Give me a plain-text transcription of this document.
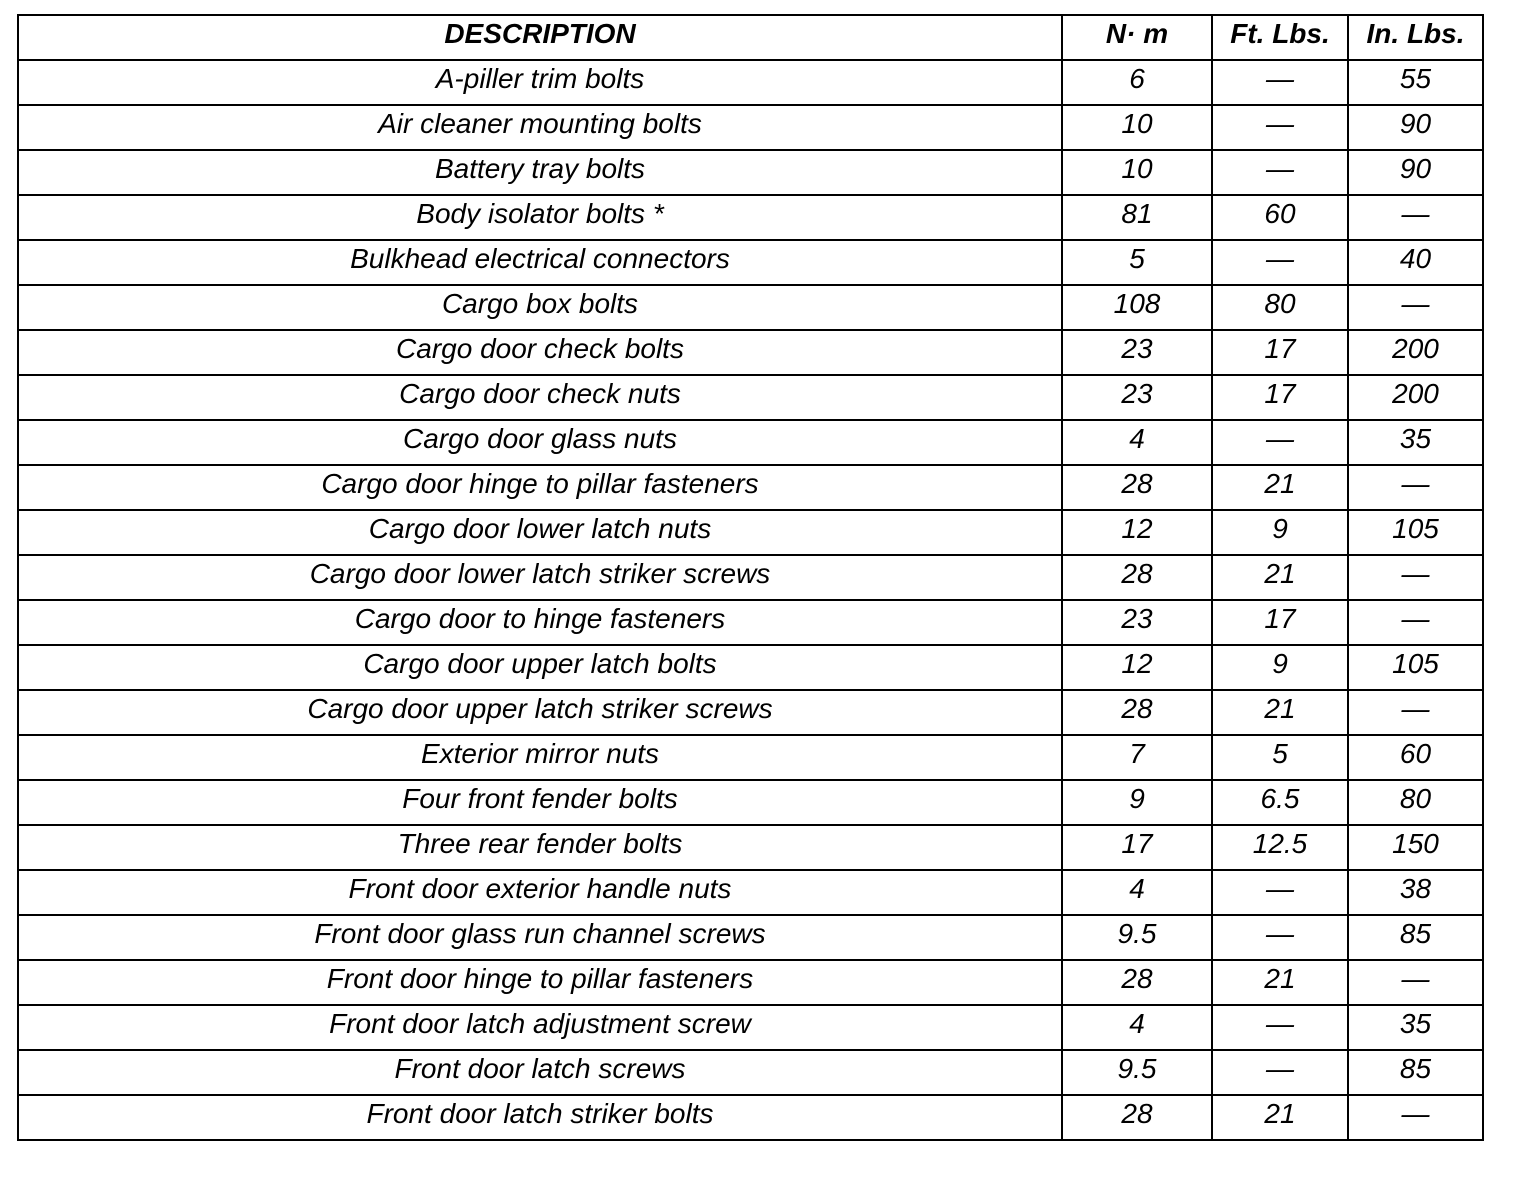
DESCRIPTION	N· m	Ft. Lbs.	In. Lbs.
A-piller trim bolts	6	—	55
Air cleaner mounting bolts	10	—	90
Battery tray bolts	10	—	90
Body isolator bolts *	81	60	—
Bulkhead electrical connectors	5	—	40
Cargo box bolts	108	80	—
Cargo door check bolts	23	17	200
Cargo door check nuts	23	17	200
Cargo door glass nuts	4	—	35
Cargo door hinge to pillar fasteners	28	21	—
Cargo door lower latch nuts	12	9	105
Cargo door lower latch striker screws	28	21	—
Cargo door to hinge fasteners	23	17	—
Cargo door upper latch bolts	12	9	105
Cargo door upper latch striker screws	28	21	—
Exterior mirror nuts	7	5	60
Four front fender bolts	9	6.5	80
Three rear fender bolts	17	12.5	150
Front door exterior handle nuts	4	—	38
Front door glass run channel screws	9.5	—	85
Front door hinge to pillar fasteners	28	21	—
Front door latch adjustment screw	4	—	35
Front door latch screws	9.5	—	85
Front door latch striker bolts	28	21	—
